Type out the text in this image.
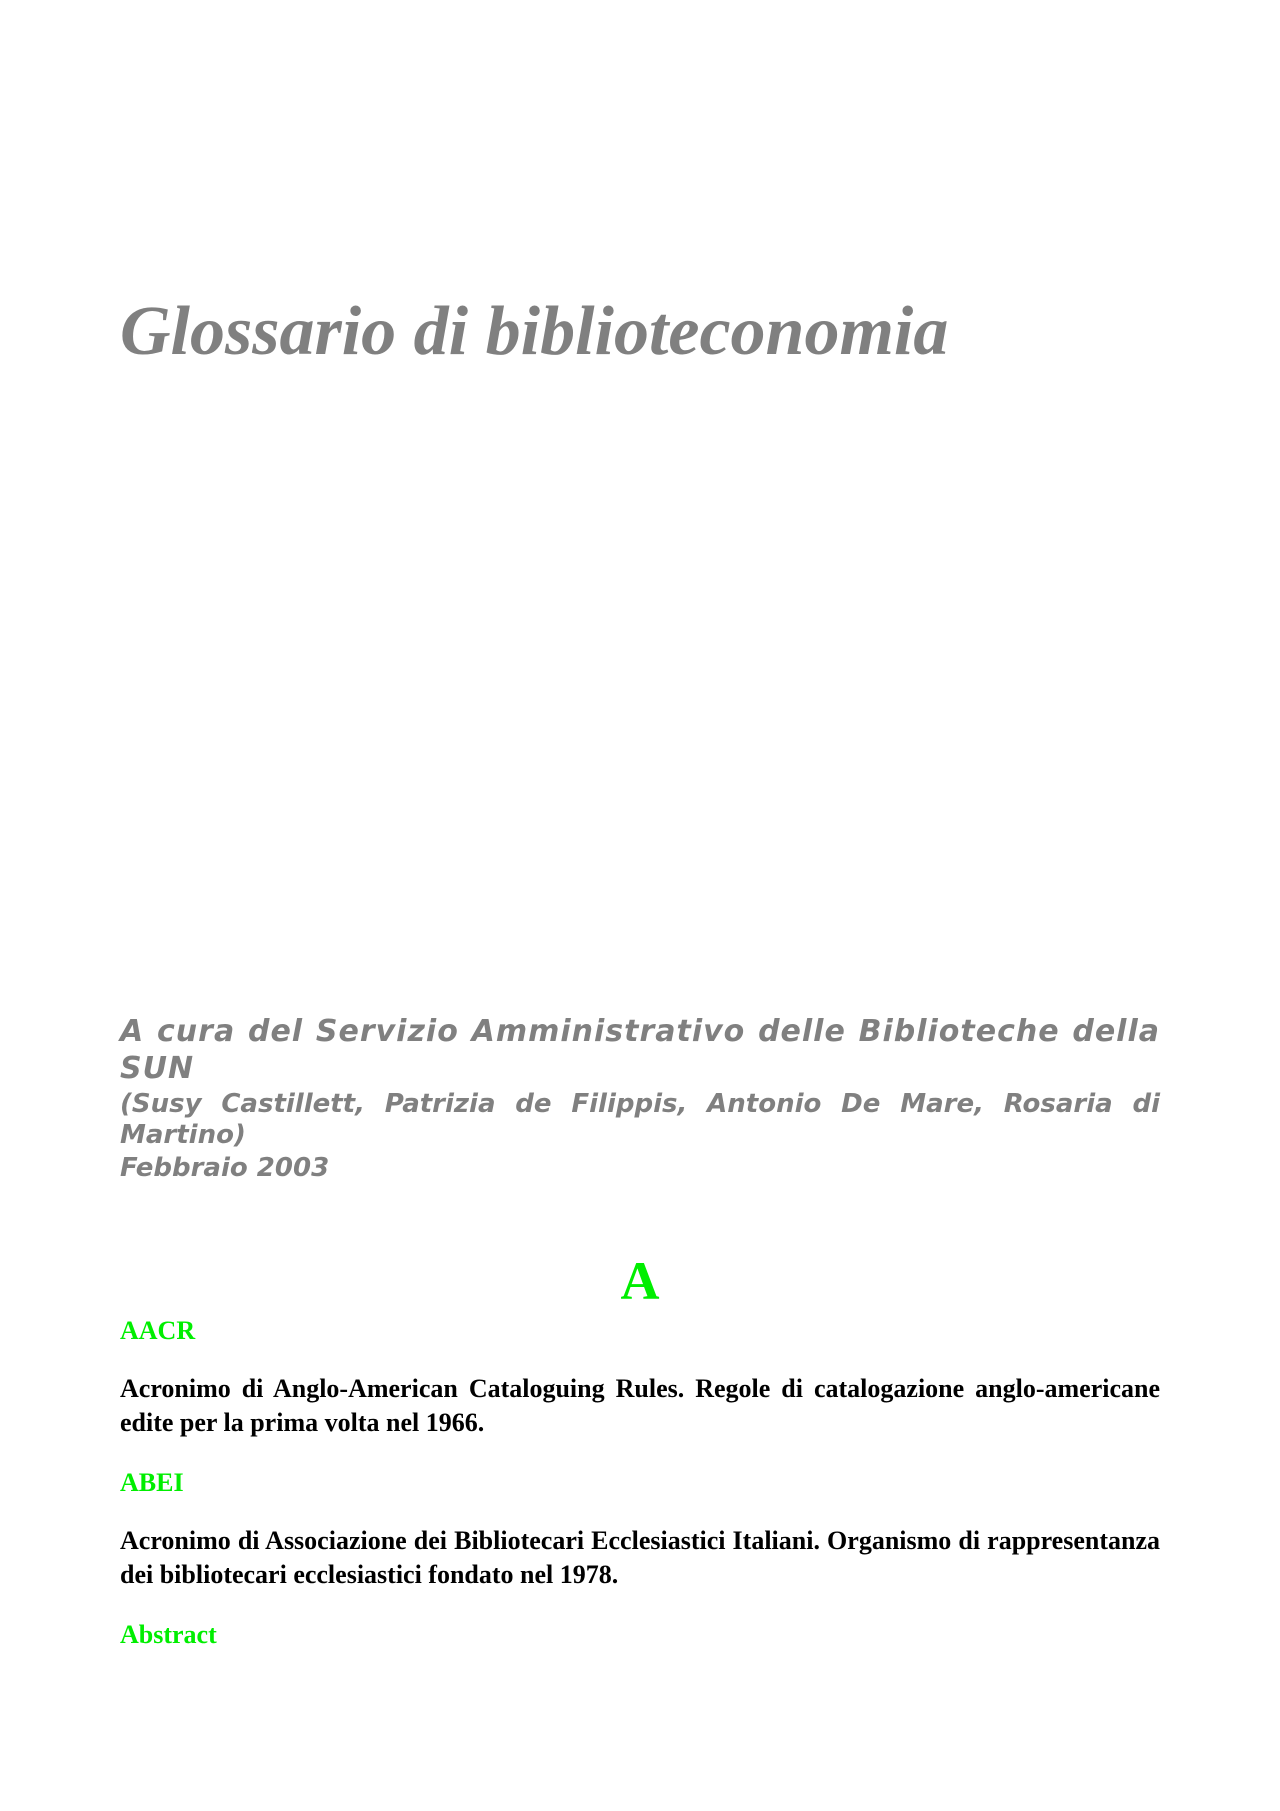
Glossario di biblioteconomia
A cura del Servizio Amministrativo delle Biblioteche della SUN
(Susy Castillett, Patrizia de Filippis, Antonio De Mare, Rosaria di Martino)
Febbraio 2003
A

AACR

Acronimo di Anglo-American Cataloguing Rules. Regole di catalogazione anglo-americane edite per la prima volta nel 1966.

ABEI

Acronimo di Associazione dei Bibliotecari Ecclesiastici Italiani. Organismo di rappresentanza dei bibliotecari ecclesiastici fondato nel 1978.

Abstract
